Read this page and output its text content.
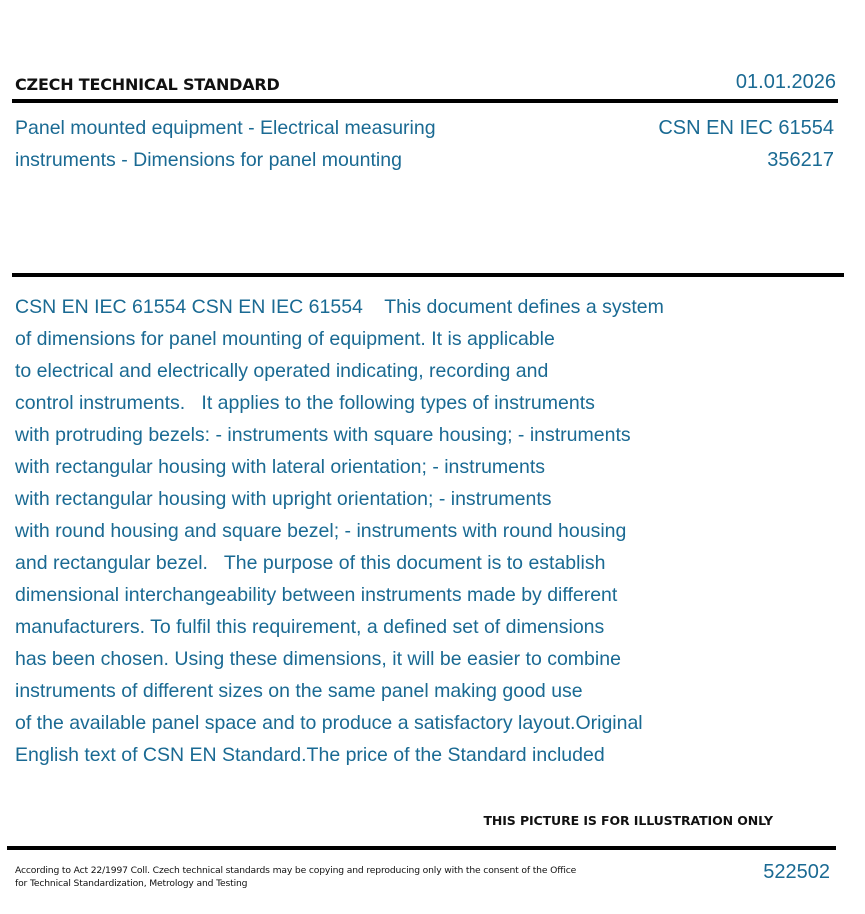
CZECH TECHNICAL STANDARD	01.01.2026
Panel mounted equipment - Electrical measuring
instruments - Dimensions for panel mounting
CSN EN IEC 61554
356217
CSN EN IEC 61554 CSN EN IEC 61554    This document defines a system
of dimensions for panel mounting of equipment. It is applicable
to electrical and electrically operated indicating, recording and
control instruments.   It applies to the following types of instruments
with protruding bezels: - instruments with square housing; - instruments
with rectangular housing with lateral orientation; - instruments
with rectangular housing with upright orientation; - instruments
with round housing and square bezel; - instruments with round housing
and rectangular bezel.   The purpose of this document is to establish
dimensional interchangeability between instruments made by different
manufacturers. To fulfil this requirement, a defined set of dimensions
has been chosen. Using these dimensions, it will be easier to combine
instruments of different sizes on the same panel making good use
of the available panel space and to produce a satisfactory layout.Original
English text of CSN EN Standard.The price of the Standard included
THIS PICTURE IS FOR ILLUSTRATION ONLY
According to Act 22/1997 Coll. Czech technical standards may be copying and reproducing only with the consent of the Office
for Technical Standardization, Metrology and Testing
522502
